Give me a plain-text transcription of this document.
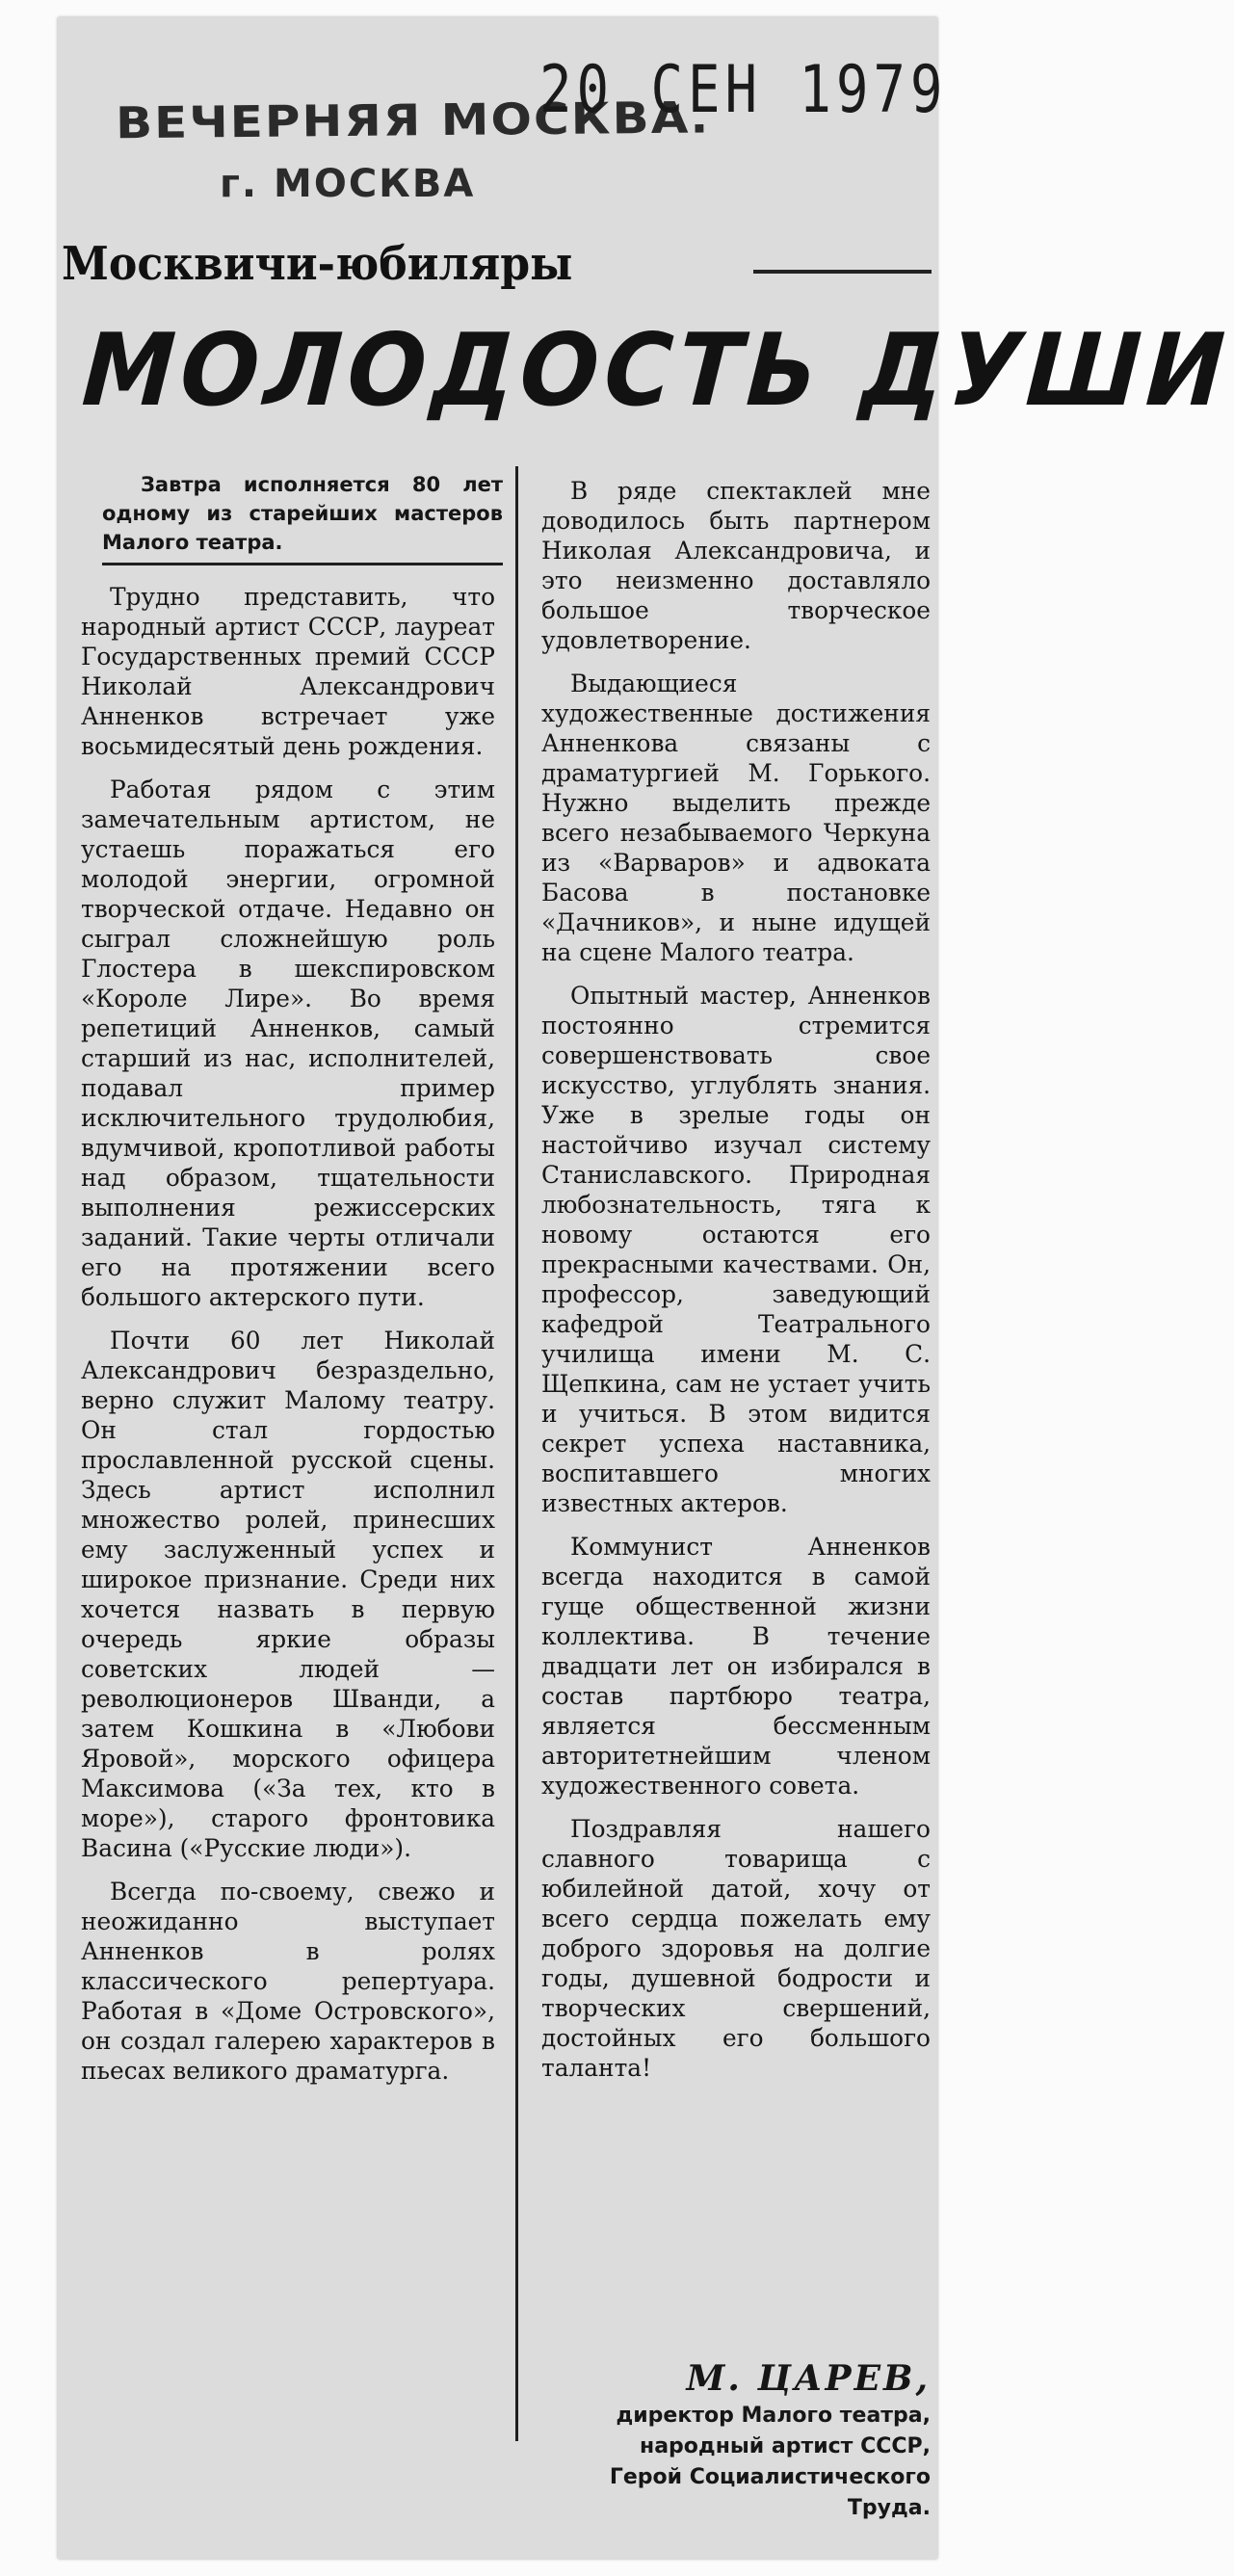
ВЕЧЕРНЯЯ МОСКВА.
г. МОСКВА
20 СЕН 1979
Москвичи-юбиляры
МОЛОДОСТЬ ДУШИ
Завтра исполняется 80 лет одному из старейших мастеров Малого театра.

Трудно представить, что народный артист СССР, лауреат Государственных премий СССР Николай Александрович Анненков встречает уже восьмидесятый день рождения.

Работая рядом с этим замечательным артистом, не устаешь поражаться его молодой энергии, огромной творческой отдаче. Недавно он сыграл сложнейшую роль Глостера в шекспировском «Короле Лире». Во время репетиций Анненков, самый старший из нас, исполнителей, подавал пример исключительного трудолюбия, вдумчивой, кропотливой работы над образом, тщательности выполнения режиссерских заданий. Такие черты отличали его на протяжении всего большого актерского пути.

Почти 60 лет Николай Александрович безраздельно, верно служит Малому театру. Он стал гордостью прославленной русской сцены. Здесь артист исполнил множество ролей, принесших ему заслуженный успех и широкое признание. Среди них хочется назвать в первую очередь яркие образы советских людей — революционеров Шванди, а затем Кошкина в «Любови Яровой», морского офицера Максимова («За тех, кто в море»), старого фронтовика Васина («Русские люди»).

Всегда по-своему, свежо и неожиданно выступает Анненков в ролях классического репертуара. Работая в «Доме Островского», он создал галерею характеров в пьесах великого драматурга.

В ряде спектаклей мне доводилось быть партнером Николая Александровича, и это неизменно доставляло большое творческое удовлетворение.

Выдающиеся художественные достижения Анненкова связаны с драматургией М. Горького. Нужно выделить прежде всего незабываемого Черкуна из «Варваров» и адвоката Басова в постановке «Дачников», и ныне идущей на сцене Малого театра.

Опытный мастер, Анненков постоянно стремится совершенствовать свое искусство, углублять знания. Уже в зрелые годы он настойчиво изучал систему Станиславского. Природная любознательность, тяга к новому остаются его прекрасными качествами. Он, профессор, заведующий кафедрой Театрального училища имени М. С. Щепкина, сам не устает учить и учиться. В этом видится секрет успеха наставника, воспитавшего многих известных актеров.

Коммунист Анненков всегда находится в самой гуще общественной жизни коллектива. В течение двадцати лет он избирался в состав партбюро театра, является бессменным авторитетнейшим членом художественного совета.

Поздравляя нашего славного товарища с юбилейной датой, хочу от всего сердца пожелать ему доброго здоровья на долгие годы, душевной бодрости и творческих свершений, достойных его большого таланта!

М. ЦАРЕВ,
директор Малого театра,
народный артист СССР,
Герой Социалистического Труда.
